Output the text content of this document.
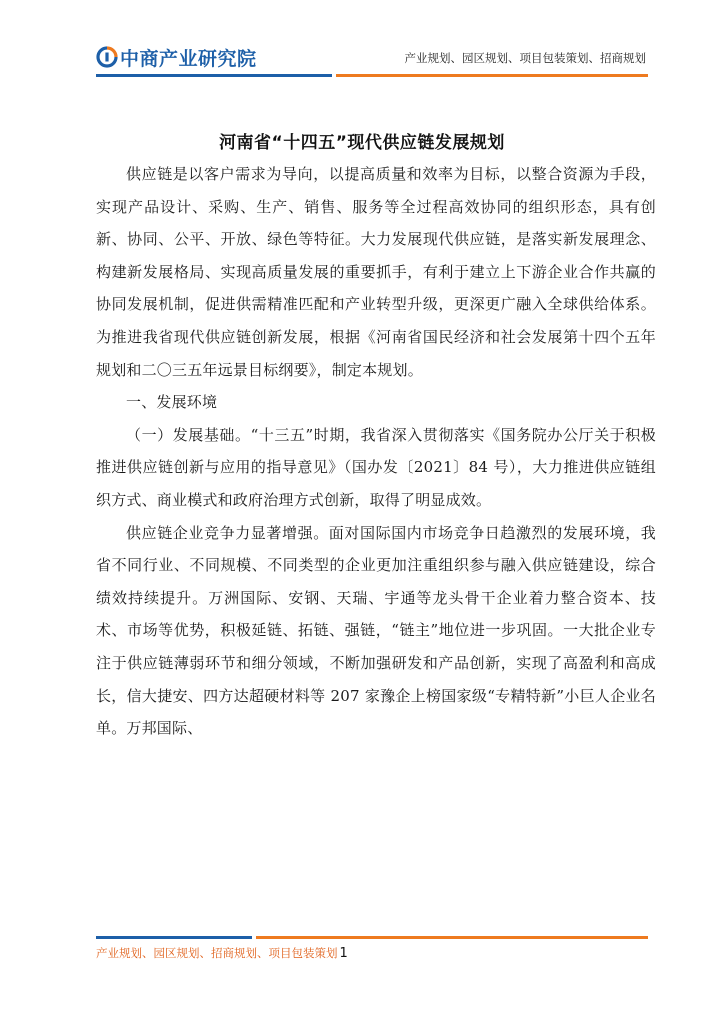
中商产业研究院	产业规划、园区规划、项目包装策划、招商规划
河南省“十四五”现代供应链发展规划

供应链是以客户需求为导向，以提高质量和效率为目标，以整合资源为手段，实现产品设计、采购、生产、销售、服务等全过程高效协同的组织形态，具有创新、协同、公平、开放、绿色等特征。大力发展现代供应链，是落实新发展理念、构建新发展格局、实现高质量发展的重要抓手，有利于建立上下游企业合作共赢的协同发展机制，促进供需精准匹配和产业转型升级，更深更广融入全球供给体系。为推进我省现代供应链创新发展，根据《河南省国民经济和社会发展第十四个五年规划和二〇三五年远景目标纲要》，制定本规划。

一、发展环境

（一）发展基础。“十三五”时期，我省深入贯彻落实《国务院办公厅关于积极推进供应链创新与应用的指导意见》（国办发〔2021〕84 号），大力推进供应链组织方式、商业模式和政府治理方式创新，取得了明显成效。

供应链企业竞争力显著增强。面对国际国内市场竞争日趋激烈的发展环境，我省不同行业、不同规模、不同类型的企业更加注重组织参与融入供应链建设，综合绩效持续提升。万洲国际、安钢、天瑞、宇通等龙头骨干企业着力整合资本、技术、市场等优势，积极延链、拓链、强链，“链主”地位进一步巩固。一大批企业专注于供应链薄弱环节和细分领域，不断加强研发和产品创新，实现了高盈利和高成长，信大捷安、四方达超硬材料等 207 家豫企上榜国家级“专精特新”小巨人企业名单。万邦国际、

产业规划、园区规划、招商规划、项目包装策划 1
